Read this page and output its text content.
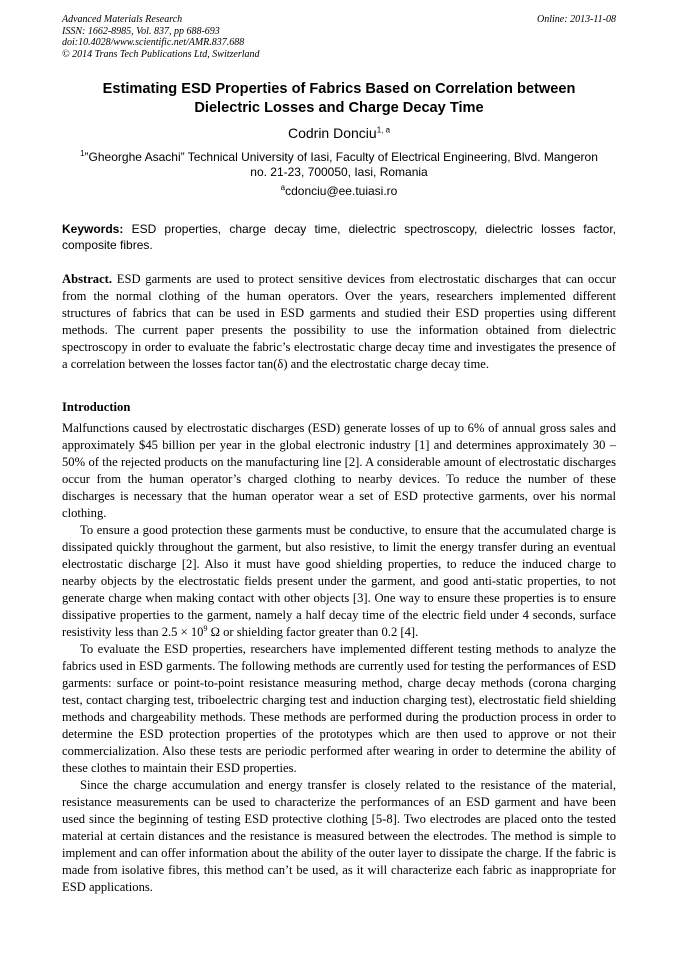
Advanced Materials Research
ISSN: 1662-8985, Vol. 837, pp 688-693
doi:10.4028/www.scientific.net/AMR.837.688
© 2014 Trans Tech Publications Ltd, Switzerland
Online: 2013-11-08
Estimating ESD Properties of Fabrics Based on Correlation between
Dielectric Losses and Charge Decay Time
Codrin Donciu$^{1, a}$
$^1$”Gheorghe Asachi” Technical University of Iasi, Faculty of Electrical Engineering, Blvd. Mangeron
no. 21-23, 700050, Iasi, Romania
$^a$cdonciu@ee.tuiasi.ro
Keywords: ESD properties, charge decay time, dielectric spectroscopy, dielectric losses factor, composite fibres.
Abstract. ESD garments are used to protect sensitive devices from electrostatic discharges that can occur from the normal clothing of the human operators. Over the years, researchers implemented different structures of fabrics that can be used in ESD garments and studied their ESD properties using different methods. The current paper presents the possibility to use the information obtained from dielectric spectroscopy in order to evaluate the fabric’s electrostatic charge decay time and investigates the presence of a correlation between the losses factor tan(δ) and the electrostatic charge decay time.
Introduction

Malfunctions caused by electrostatic discharges (ESD) generate losses of up to 6% of annual gross sales and approximately $45 billion per year in the global electronic industry [1] and determines approximately 30 – 50% of the rejected products on the manufacturing line [2]. A considerable amount of electrostatic discharges occur from the human operator’s charged clothing to nearby devices. To reduce the number of these discharges is necessary that the human operator wear a set of ESD protective garments, over his normal clothing.

To ensure a good protection these garments must be conductive, to ensure that the accumulated charge is dissipated quickly throughout the garment, but also resistive, to limit the energy transfer during an eventual electrostatic discharge [2]. Also it must have good shielding properties, to reduce the induced charge to nearby objects by the electrostatic fields present under the garment, and good anti-static properties, to not generate charge when making contact with other objects [3]. One way to ensure these properties is to ensure dissipative properties to the garment, namely a half decay time of the electric field under 4 seconds, surface resistivity less than $2.5 \times 10^9$ Ω or shielding factor greater than 0.2 [4].

To evaluate the ESD properties, researchers have implemented different testing methods to analyze the fabrics used in ESD garments. The following methods are currently used for testing the performances of ESD garments: surface or point-to-point resistance measuring method, charge decay methods (corona charging test, contact charging test, triboelectric charging test and induction charging test), electrostatic field shielding methods and chargeability methods. These methods are performed during the production process in order to determine the ESD protection properties of the prototypes which are then used to approve or not their commercialization. Also these tests are periodic performed after wearing in order to determine the ability of these clothes to maintain their ESD properties.

Since the charge accumulation and energy transfer is closely related to the resistance of the material, resistance measurements can be used to characterize the performances of an ESD garment and have been used since the beginning of testing ESD protective clothing [5-8]. Two electrodes are placed onto the tested material at certain distances and the resistance is measured between the electrodes. The method is simple to implement and can offer information about the ability of the outer layer to dissipate the charge. If the fabric is made from isolative fibres, this method can’t be used, as it will characterize each fabric as inappropriate for ESD applications.
